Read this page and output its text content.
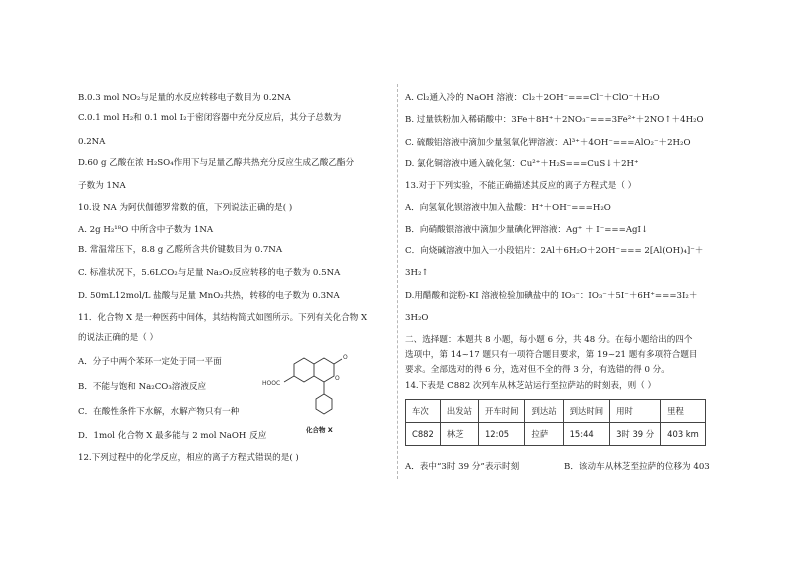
B.0.3 mol NO₂与足量的水反应转移电子数目为 0.2NA
C.0.1 mol H₂和 0.1 mol I₂于密闭容器中充分反应后，其分子总数为
0.2NA
D.60 g 乙酸在浓 H₂SO₄作用下与足量乙醇共热充分反应生成乙酸乙酯分
子数为 1NA
10.设 NA 为阿伏伽德罗常数的值，下列说法正确的是( )
A. 2g H₂¹⁸O 中所含中子数为 1NA
B. 常温常压下，8.8 g 乙醛所含共价键数目为 0.7NA
C. 标准状况下，5.6LCO₂与足量 Na₂O₂反应转移的电子数为 0.5NA
D. 50mL12mol/L 盐酸与足量 MnO₂共热，转移的电子数为 0.3NA
11．化合物 X 是一种医药中间体，其结构简式如图所示。下列有关化合物 X
的说法正确的是（ ）
A．分子中两个苯环一定处于同一平面
B．不能与饱和 Na₂CO₃溶液反应
C．在酸性条件下水解，水解产物只有一种
D．1mol 化合物 X 最多能与 2 mol NaOH 反应
12.下列过程中的化学反应，相应的离子方程式错误的是( )
O
O
HOOC
化合物 X
A. Cl₂通入冷的 NaOH 溶液：Cl₂＋2OH⁻===Cl⁻＋ClO⁻＋H₂O
B. 过量铁粉加入稀硝酸中：3Fe＋8H⁺＋2NO₃⁻===3Fe²⁺＋2NO↑＋4H₂O
C. 硫酸铝溶液中滴加少量氢氧化钾溶液：Al³⁺＋4OH⁻===AlO₂⁻＋2H₂O
D. 氯化铜溶液中通入硫化氢：Cu²⁺＋H₂S===CuS↓＋2H⁺
13.对于下列实验，不能正确描述其反应的离子方程式是（ ）
A．向氢氧化钡溶液中加入盐酸：H⁺＋OH⁻===H₂O
B．向硝酸银溶液中滴加少量碘化钾溶液：Ag⁺ ＋ I⁻===AgI↓
C．向烧碱溶液中加入一小段铝片：2Al＋6H₂O＋2OH⁻=== 2[Al(OH)₄]⁻＋
3H₂↑
D.用醋酸和淀粉-KI 溶液检验加碘盐中的 IO₃⁻：IO₃⁻＋5I⁻＋6H⁺===3I₂＋
3H₂O
二、选择题：本题共 8 小题，每小题 6 分，共 48 分。在每小题给出的四个
选项中，第 14~17 题只有一项符合题目要求，第 19~21 题有多项符合题目
要求。全部选对的得 6 分，选对但不全的得 3 分，有选错的得 0 分。
14.下表是 C882 次列车从林芝站运行至拉萨站的时刻表，则（ ）
车次	出发站	开车时间	到达站	到达时间	用时	里程
C882	林芝	12:05	拉萨	15:44	3时 39 分	403 km
A．表中“3时 39 分”表示时刻	B．该动车从林芝至拉萨的位移为 403
